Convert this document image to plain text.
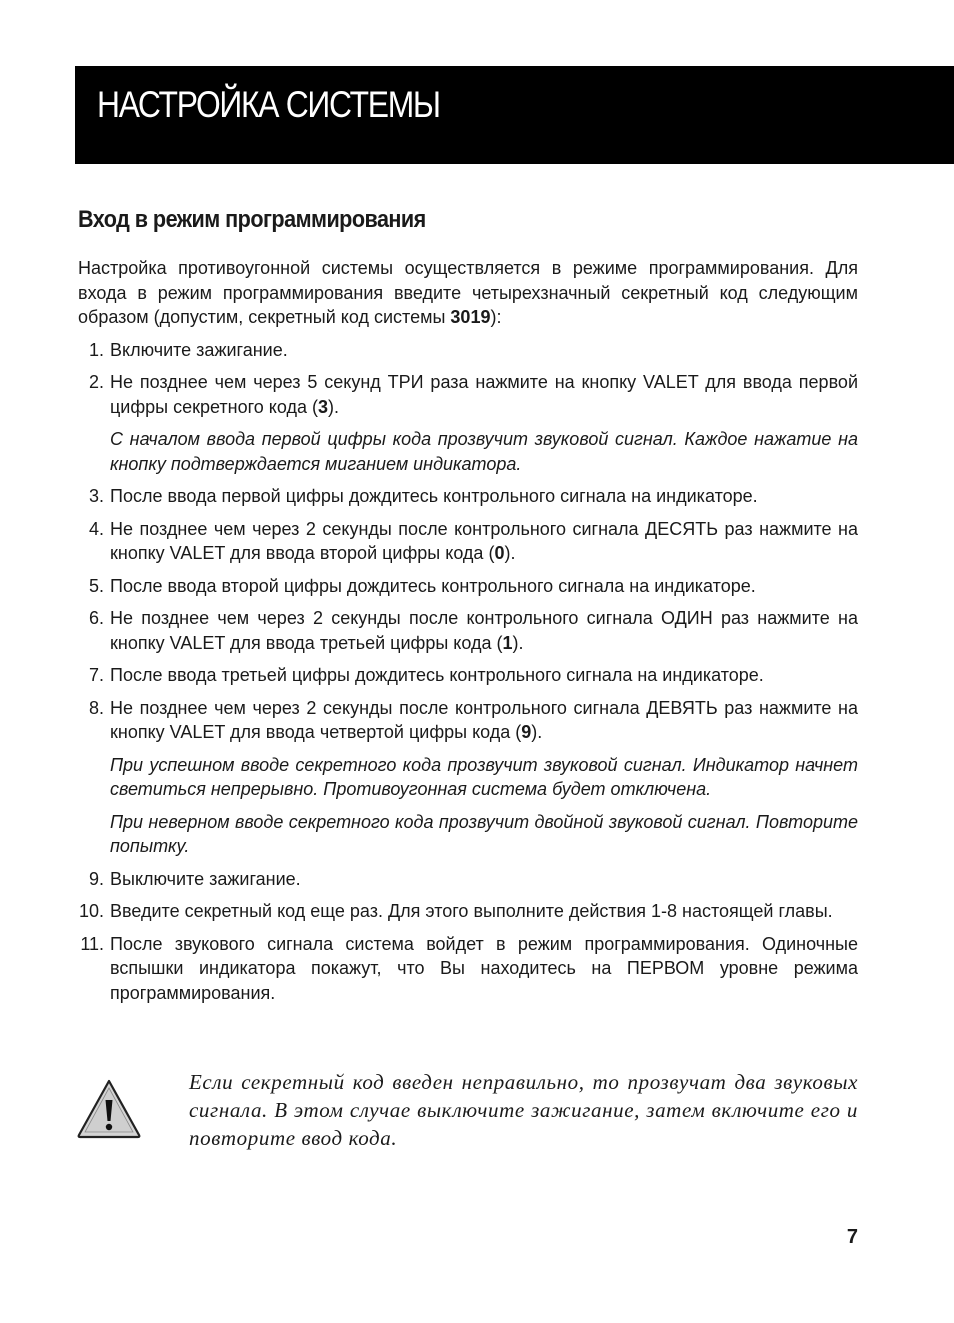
НАСТРОЙКА СИСТЕМЫ
Вход в режим программирования

Настройка противоугонной системы осуществляется в режиме программирования. Для входа в режим программирования введите четырехзначный секретный код следующим образом (допустим, секретный код системы 3019):

1. Включите зажигание.
2. Не позднее чем через 5 секунд ТРИ раза нажмите на кнопку VALET для ввода первой цифры секретного кода (3).
С началом ввода первой цифры кода прозвучит звуковой сигнал. Каждое нажатие на кнопку подтверждается миганием индикатора.
3. После ввода первой цифры дождитесь контрольного сигнала на индикаторе.
4. Не позднее чем через 2 секунды после контрольного сигнала ДЕСЯТЬ раз нажмите на кнопку VALET для ввода второй цифры кода (0).
5. После ввода второй цифры дождитесь контрольного сигнала на индикаторе.
6. Не позднее чем через 2 секунды после контрольного сигнала ОДИН раз нажмите на кнопку VALET для ввода третьей цифры кода (1).
7. После ввода третьей цифры дождитесь контрольного сигнала на индикаторе.
8. Не позднее чем через 2 секунды после контрольного сигнала ДЕВЯТЬ раз нажмите на кнопку VALET для ввода четвертой цифры кода (9).
При успешном вводе секретного кода прозвучит звуковой сигнал. Индикатор начнет светиться непрерывно. Противоугонная система будет отключена.
При неверном вводе секретного кода прозвучит двойной звуковой сигнал. Повторите попытку.
9. Выключите зажигание.
10. Введите секретный код еще раз. Для этого выполните действия 1-8 настоящей главы.
11. После звукового сигнала система войдет в режим программирования. Одиночные вспышки индикатора покажут, что Вы находитесь на ПЕРВОМ уровне режима программирования.
Если секретный код введен неправильно, то прозвучат два звуковых сигнала. В этом случае выключите зажигание, затем включите его и повторите ввод кода.
7
